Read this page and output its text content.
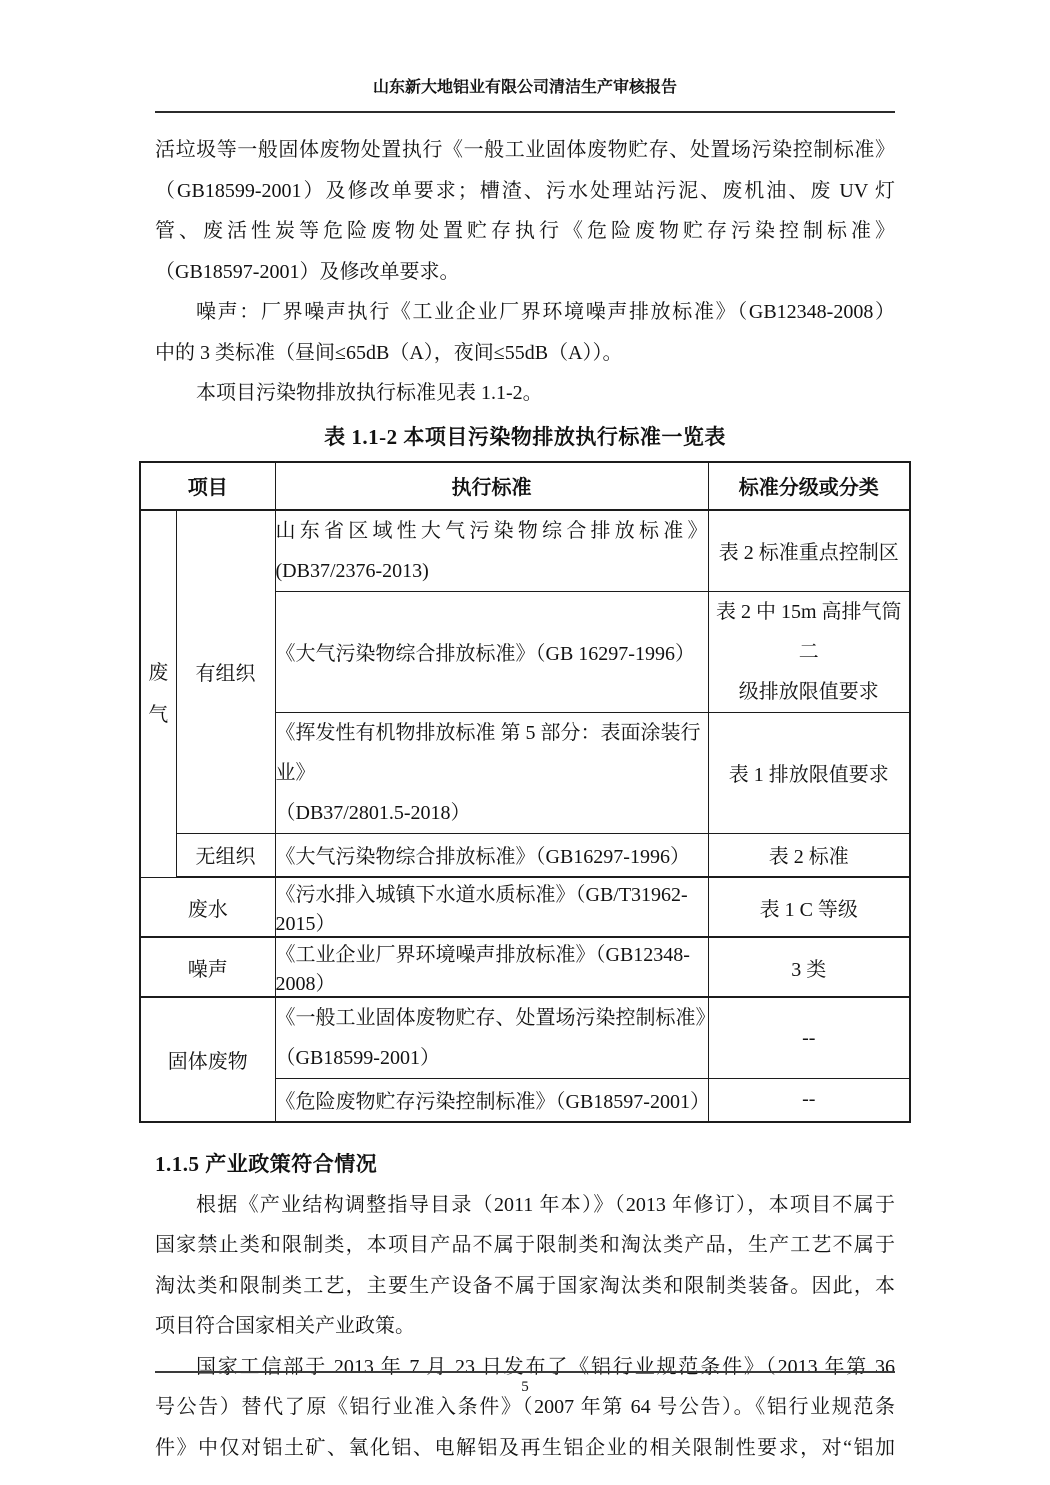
山东新大地铝业有限公司清洁生产审核报告
活垃圾等一般固体废物处置执行《一般工业固体废物贮存、处置场污染控制标准》
（GB18599-2001）及修改单要求；槽渣、污水处理站污泥、废机油、废 UV 灯
管、废活性炭等危险废物处置贮存执行《危险废物贮存污染控制标准》
（GB18597-2001）及修改单要求。
噪声：厂界噪声执行《工业企业厂界环境噪声排放标准》（GB12348-2008）
中的 3 类标准（昼间≤65dB（A），夜间≤55dB（A））。
本项目污染物排放执行标准见表 1.1-2。
表 1.1-2 本项目污染物排放执行标准一览表
项目		执行标准	标准分级或分类

废气	有组织	山东省区域性大气污染物综合排放标准》
(DB37/2376-2013)	表 2 标准重点控制区
		《大气污染物综合排放标准》（GB 16297-1996）	表 2 中 15m 高排气筒二
级排放限值要求

		《挥发性有机物排放标准 第 5 部分：表面涂装行业》
（DB37/2801.5-2018）	表 1 排放限值要求
	无组织	《大气污染物综合排放标准》（GB16297-1996）	表 2 标准
废水		《污水排入城镇下水道水质标准》（GB/T31962-2015）	表 1 C 等级
噪声		《工业企业厂界环境噪声排放标准》（GB12348-2008）	3 类
固体废物		《一般工业固体废物贮存、处置场污染控制标准》
（GB18599-2001）	--
		《危险废物贮存污染控制标准》（GB18597-2001）	--
1.1.5 产业政策符合情况
根据《产业结构调整指导目录（2011 年本）》（2013 年修订），本项目不属于
国家禁止类和限制类，本项目产品不属于限制类和淘汰类产品，生产工艺不属于
淘汰类和限制类工艺，主要生产设备不属于国家淘汰类和限制类装备。因此，本
项目符合国家相关产业政策。
国家工信部于 2013 年 7 月 23 日发布了《铝行业规范条件》（2013 年第 36
号公告）替代了原《铝行业准入条件》（2007 年第 64 号公告）。《铝行业规范条
件》中仅对铝土矿、氧化铝、电解铝及再生铝企业的相关限制性要求，对“铝加
5
